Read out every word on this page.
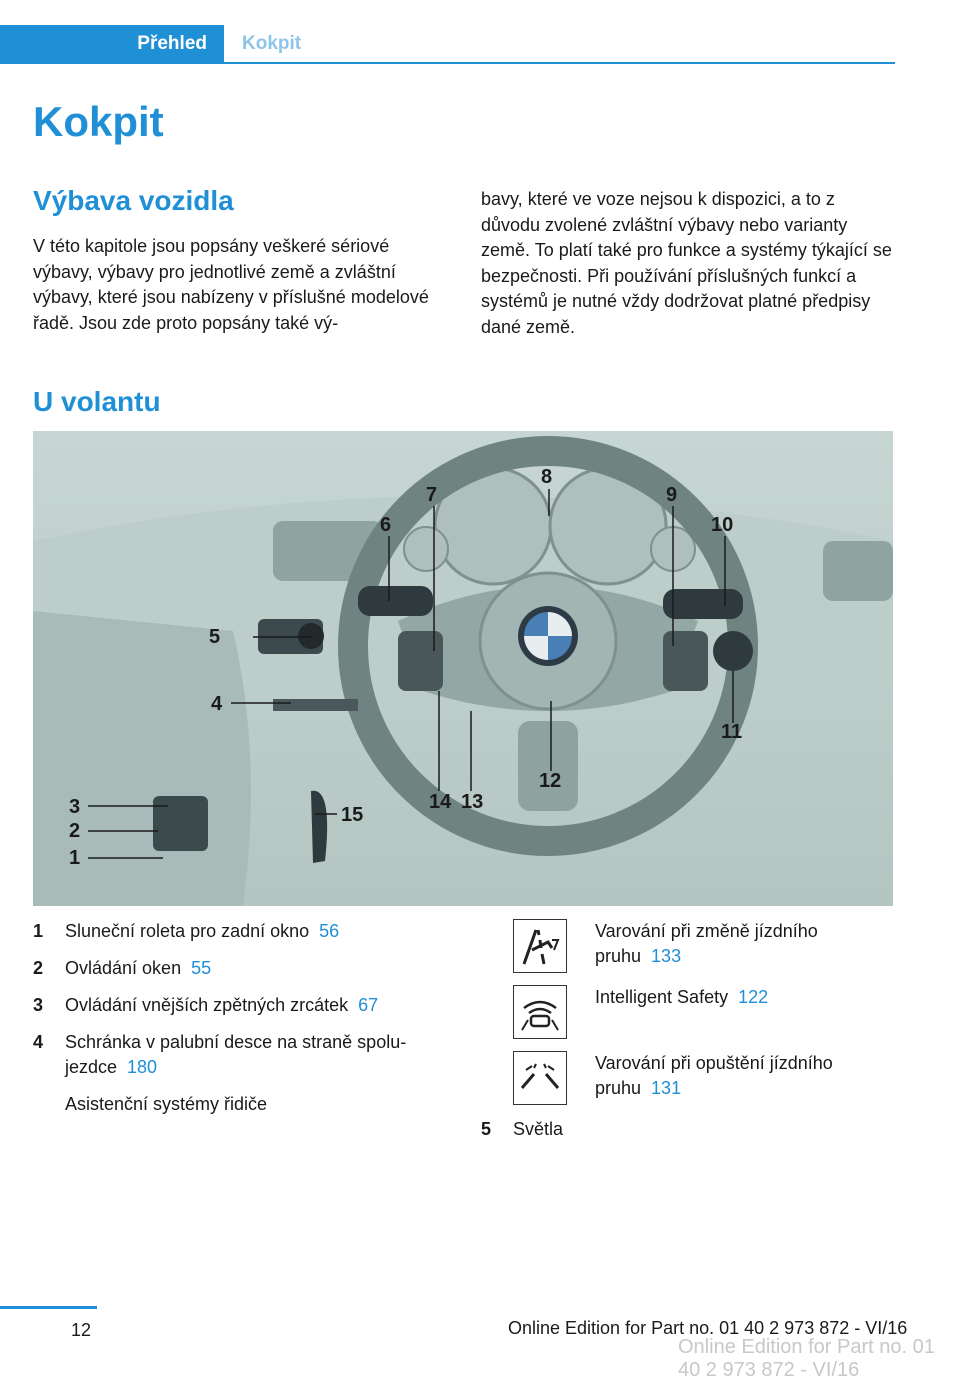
Přehled	Kokpit
Kokpit
Výbava vozidla

V této kapitole jsou popsány veškeré sériové výbavy, výbavy pro jednotlivé země a zvláštní výbavy, které jsou nabízeny v příslušné modelové řadě. Jsou zde proto popsány také vý-

bavy, které ve voze nejsou k dispozici, a to z důvodu zvolené zvláštní výbavy nebo varianty země. To platí také pro funkce a systémy týkající se bezpečnosti. Při používání příslušných funkcí a systémů je nutné vždy dodržovat platné předpisy dané země.

U volantu
1
2
3
4
5
6
7
8
9
10
11
12
13
14
15
1	Sluneční roleta pro zadní okno 56
2	Ovládání oken 55
3	Ovládání vnějších zpětných zrcátek 67
4	Schránka v palubní desce na straně spolujezdce 180
Asistenční systémy řidiče
Varování při změně jízdního pruhu 133
Intelligent Safety 122
Varování při opuštění jízdního pruhu 131
5	Světla
12	Online Edition for Part no. 01 40 2 973 872 - VI/16
Online Edition for Part no. 01 40 2 973 872 - VI/16
